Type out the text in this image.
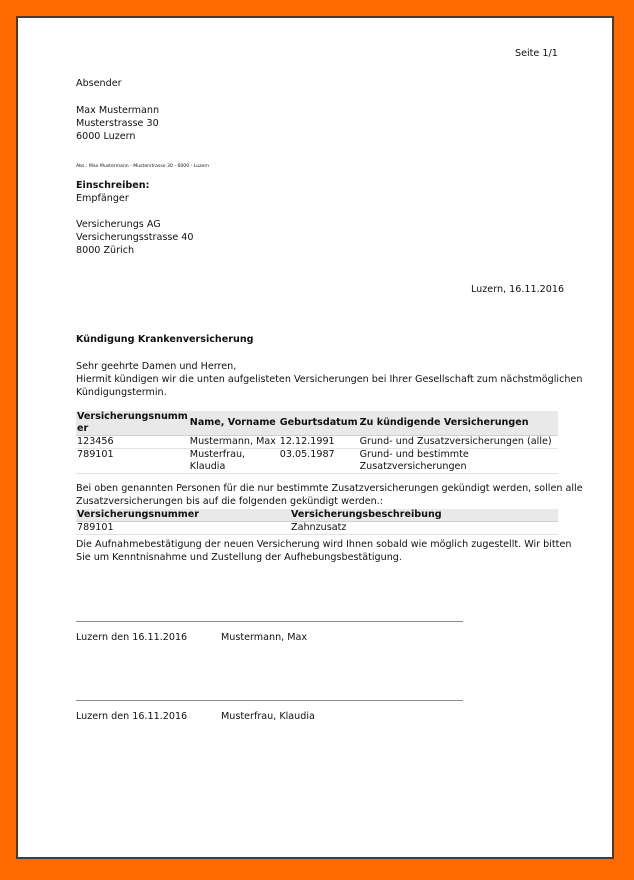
Seite 1/1
Absender
Max Mustermann
Musterstrasse 30
6000 Luzern
Abs.: Max Mustermann - Musterstrasse 30 - 6000 - Luzern
Einschreiben:
Empfänger
Versicherungs AG
Versicherungsstrasse 40
8000 Zürich
Luzern, 16.11.2016
Kündigung Krankenversicherung
Sehr geehrte Damen und Herren,
Hiermit kündigen wir die unten aufgelisteten Versicherungen bei Ihrer Gesellschaft zum nächstmöglichen
Kündigungstermin.
Versicherungsnumm
er	Name, Vorname	Geburtsdatum	Zu kündigende Versicherungen
123456	Mustermann, Max	12.12.1991	Grund- und Zusatzversicherungen (alle)
789101	Musterfrau, Klaudia	03.05.1987	Grund- und bestimmte Zusatzversicherungen
Bei oben genannten Personen für die nur bestimmte Zusatzversicherungen gekündigt werden, sollen alle
Zusatzversicherungen bis auf die folgenden gekündigt werden.:
Versicherungsnummer	Versicherungsbeschreibung
789101	Zahnzusatz
Die Aufnahmebestätigung der neuen Versicherung wird Ihnen sobald wie möglich zugestellt. Wir bitten
Sie um Kenntnisnahme und Zustellung der Aufhebungsbestätigung.
Luzern den 16.11.2016	Mustermann, Max
Luzern den 16.11.2016	Musterfrau, Klaudia
